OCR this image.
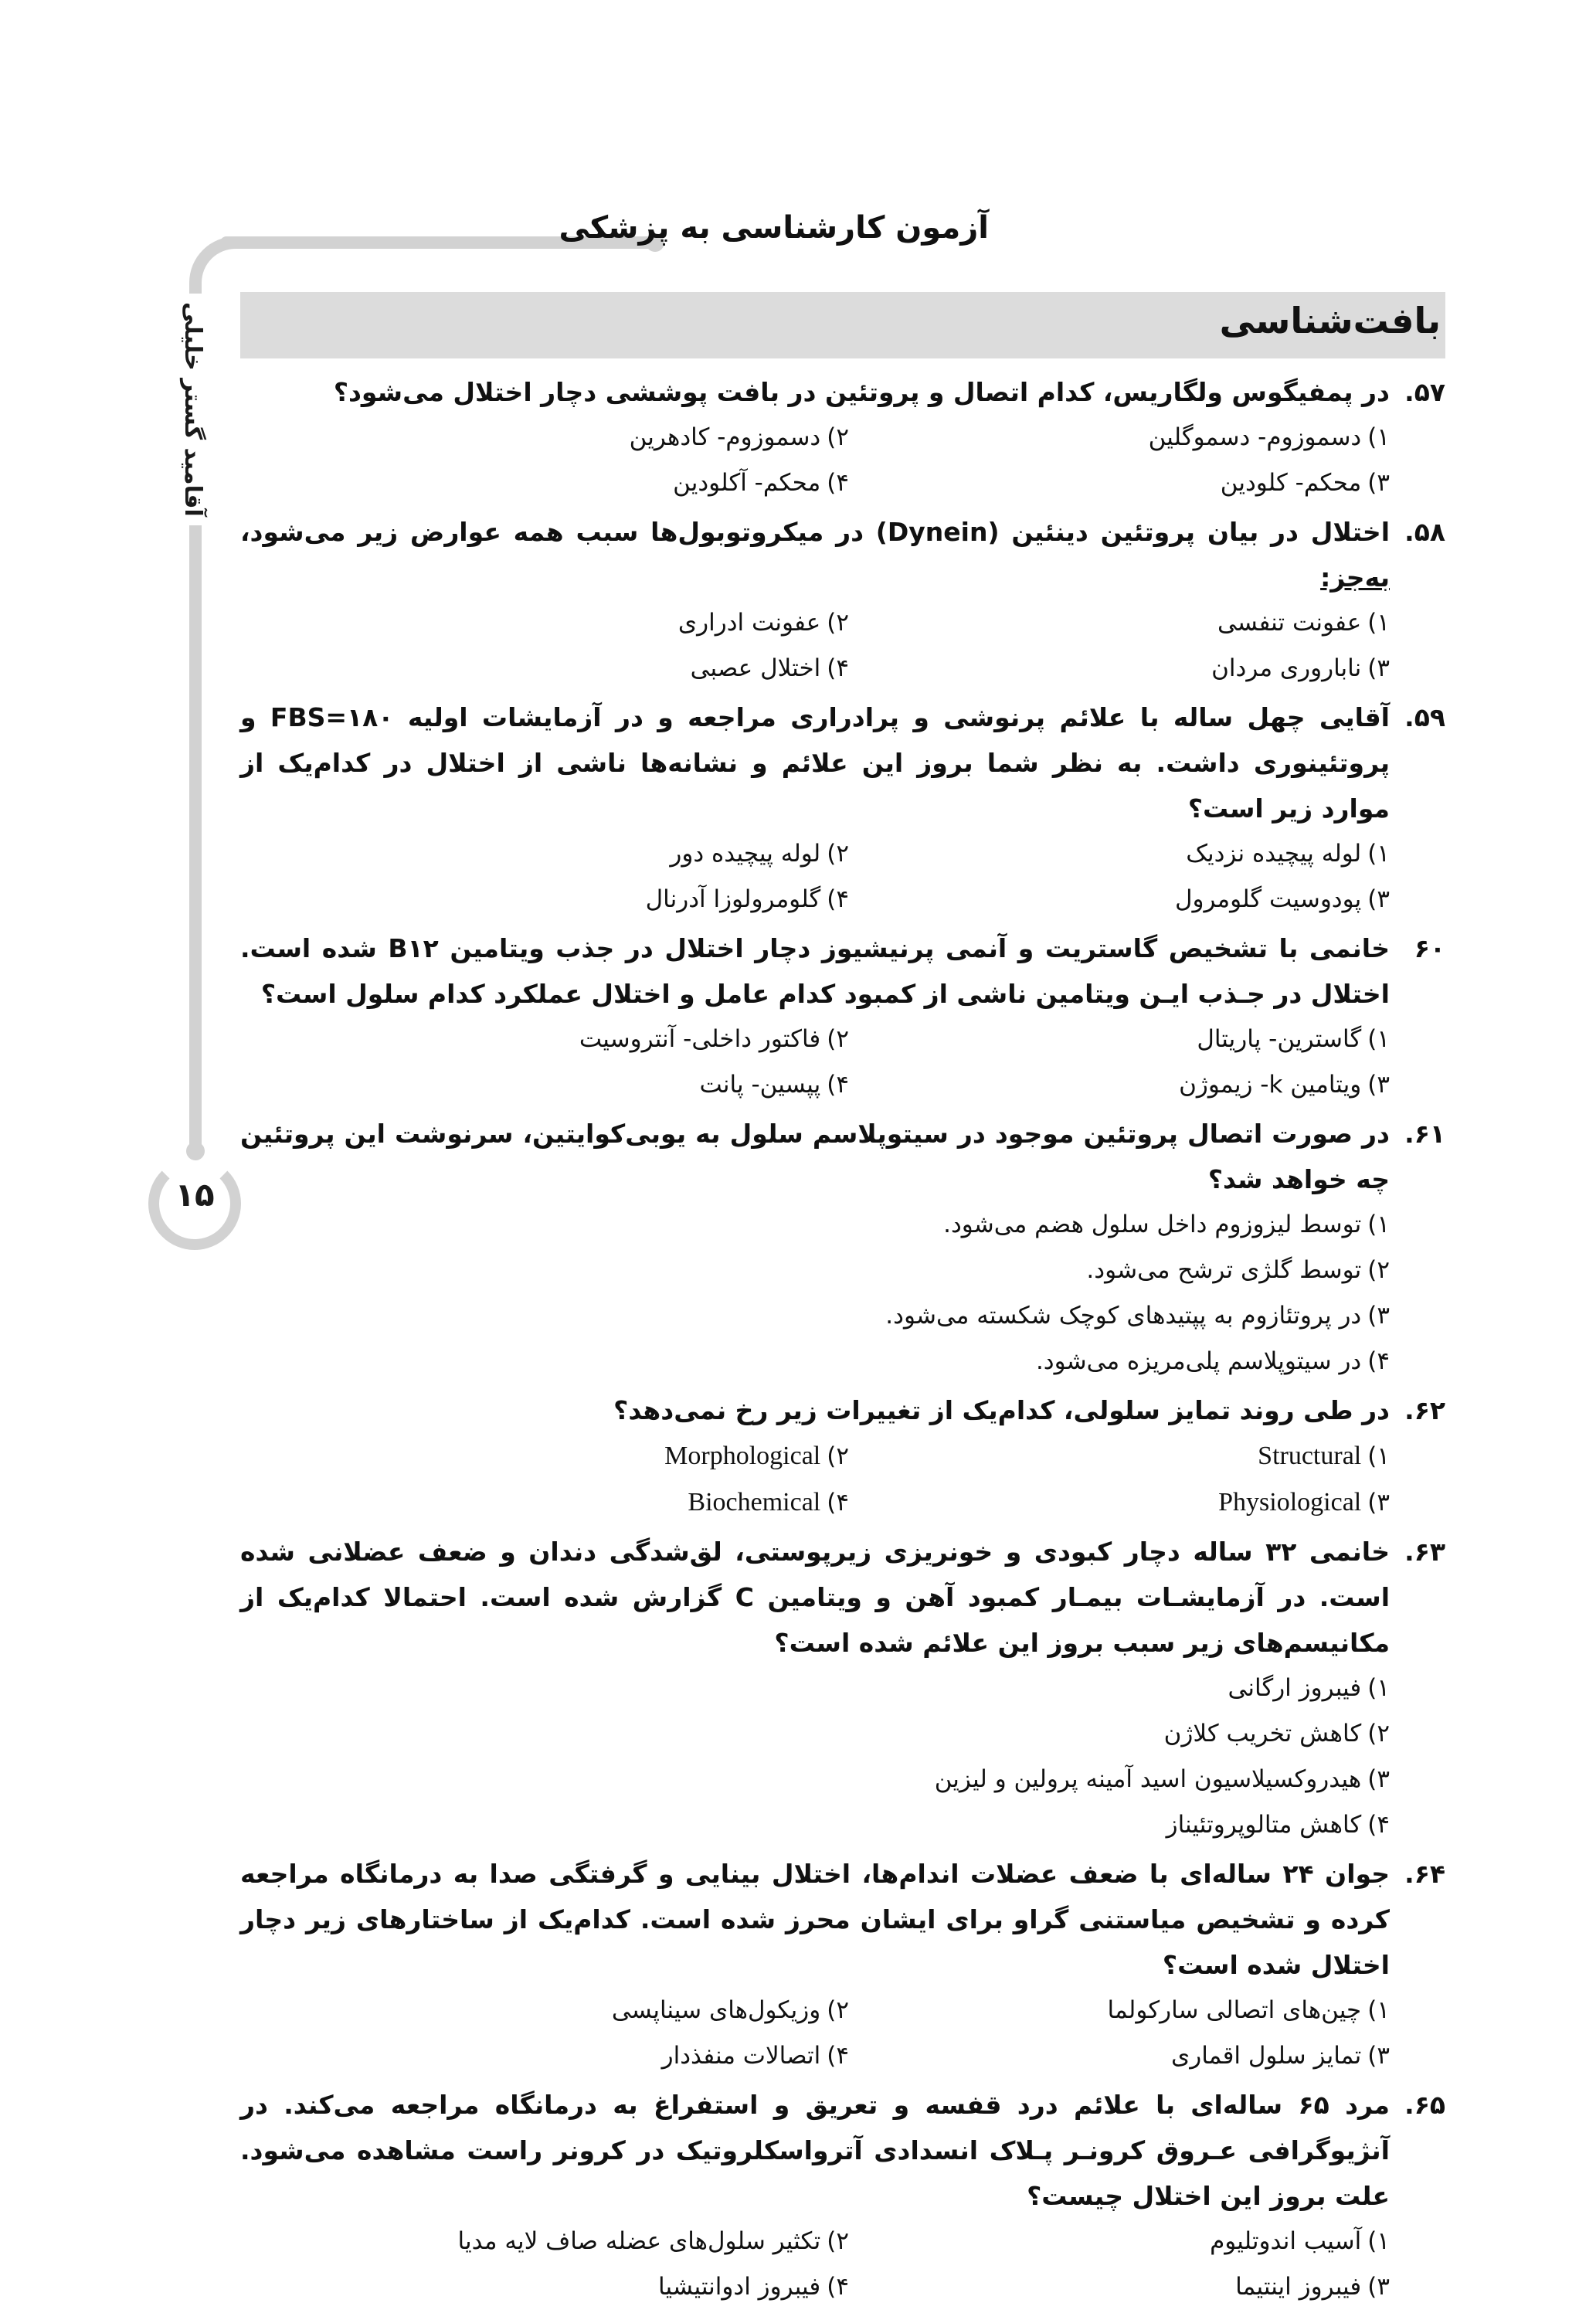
آقامید گستر خلیلی
۱۵
آزمون کارشناسی به پزشکی
بافت‌شناسی
۵۷.
در پمفیگوس ولگاریس، کدام اتصال و پروتئین در بافت پوششی دچار اختلال می‌شود؟
۱)دسموزوم- دسموگلین
۲)دسموزوم- کادهرین
۳)محکم- کلودین
۴)محکم- آکلودین
۵۸.
اختلال در بیان پروتئین دینئین (Dynein) در میکروتوبول‌ها سبب همه عوارض زیر می‌شود، به‌جز:
۱)عفونت تنفسی
۲)عفونت ادراری
۳)ناباروری مردان
۴)اختلال عصبی
۵۹.
آقایی چهل ساله با علائم پرنوشی و پرادراری مراجعه و در آزمایشات اولیه FBS=۱۸۰ و پروتئینوری داشت. به نظر شما بروز این علائم و نشانه‌ها ناشی از اختلال در کدام‌یک از موارد زیر است؟
۱)لوله پیچیده نزدیک
۲)لوله پیچیده دور
۳)پودوسیت گلومرول
۴)گلومرولوزا آدرنال
۶۰
خانمی با تشخیص گاستریت و آنمی پرنیشیوز دچار اختلال در جذب ویتامین B۱۲ شده است. اختلال در جـذب ایـن ویتامین ناشی از کمبود کدام عامل و اختلال عملکرد کدام سلول است؟
۱)گاسترین- پاریتال
۲)فاکتور داخلی- آنتروسیت
۳)ویتامین k- زیموژن
۴)پپسین- پانت
۶۱.
در صورت اتصال پروتئین موجود در سیتوپلاسم سلول به یوبی‌کوایتین، سرنوشت این پروتئین چه خواهد شد؟
۱)توسط لیزوزوم داخل سلول هضم می‌شود.
۲)توسط گلژی ترشح می‌شود.
۳)در پروتئازوم به پپتیدهای کوچک شکسته می‌شود.
۴)در سیتوپلاسم پلی‌مریزه می‌شود.
۶۲.
در طی روند تمایز سلولی، کدام‌یک از تغییرات زیر رخ نمی‌دهد؟
۱)Structural
۲)Morphological
۳)Physiological
۴)Biochemical
۶۳.
خانمی ۳۲ ساله دچار کبودی و خونریزی زیرپوستی، لق‌شدگی دندان و ضعف عضلانی شده است. در آزمایشـات بیمـار کمبود آهن و ویتامین C گزارش شده است. احتمالا کدام‌یک از مکانیسم‌های زیر سبب بروز این علائم شده است؟
۱)فیبروز ارگانی
۲)کاهش تخریب کلاژن
۳)هیدروکسیلاسیون اسید آمینه پرولین و لیزین
۴)کاهش متالوپروتئیناز
۶۴.
جوان ۲۴ ساله‌ای با ضعف عضلات اندام‌ها، اختلال بینایی و گرفتگی صدا به درمانگاه مراجعه کرده و تشخیص میاستنی گراو برای ایشان محرز شده است. کدام‌یک از ساختارهای زیر دچار اختلال شده است؟
۱)چین‌های اتصالی سارکولما
۲)وزیکول‌های سیناپسی
۳)تمایز سلول اقماری
۴)اتصالات منفذدار
۶۵.
مرد ۶۵ ساله‌ای با علائم درد قفسه و تعریق و استفراغ به درمانگاه مراجعه می‌کند. در آنژیوگرافی عـروق کرونـر پـلاک انسدادی آترواسکلروتیک در کرونر راست مشاهده می‌شود. علت بروز این اختلال چیست؟
۱)آسیب اندوتلیوم
۲)تکثیر سلول‌های عضله صاف لایه مدیا
۳)فیبروز اینتیما
۴)فیبروز ادوانتیشیا
